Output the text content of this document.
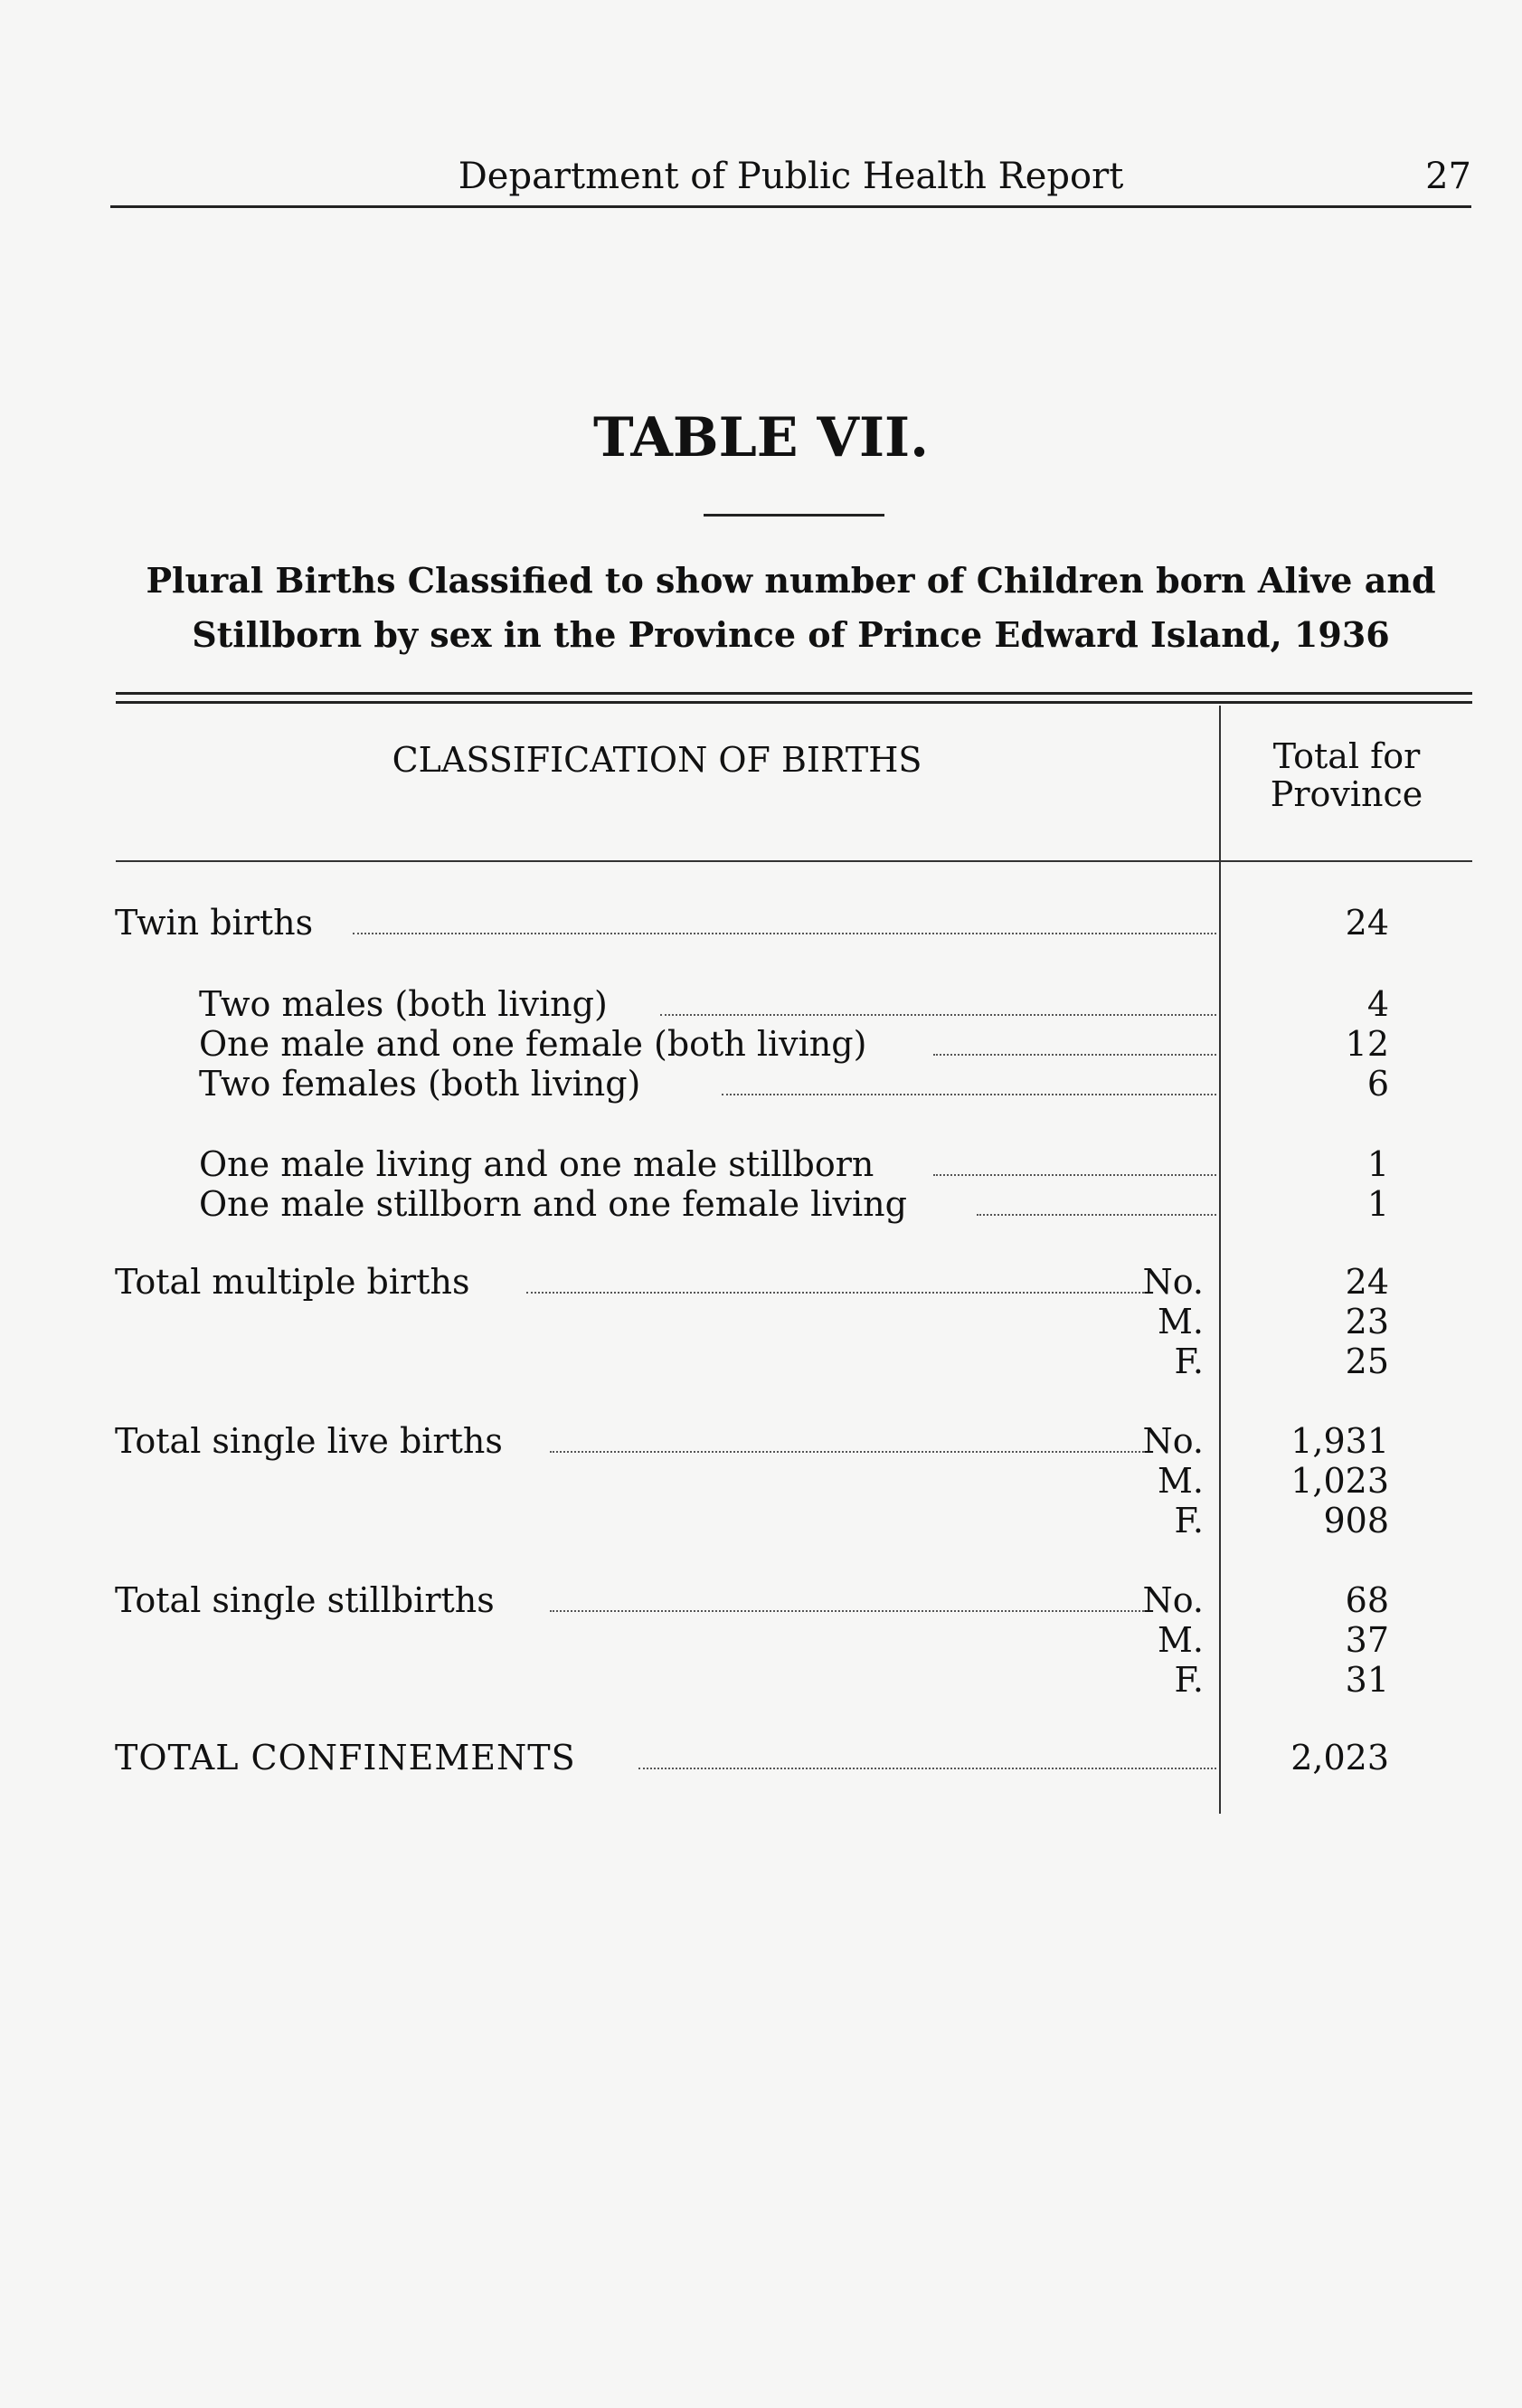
Department of Public Health Report	27
TABLE VII.
Plural Births Classified to show number of Children born Alive and
Stillborn by sex in the Province of Prince Edward Island, 1936
CLASSIFICATION OF BIRTHS	Total for
Province
Twin births	24
Two males (both living)	4
One male and one female (both living)	12
Two females (both living)	6
One male living and one male stillborn	1
One male stillborn and one female living	1
Total multiple births	No.	24
M.	23
F.	25
Total single live births	No.	1,931
M.	1,023
F.	908
Total single stillbirths	No.	68
M.	37
F.	31
TOTAL CONFINEMENTS	2,023
